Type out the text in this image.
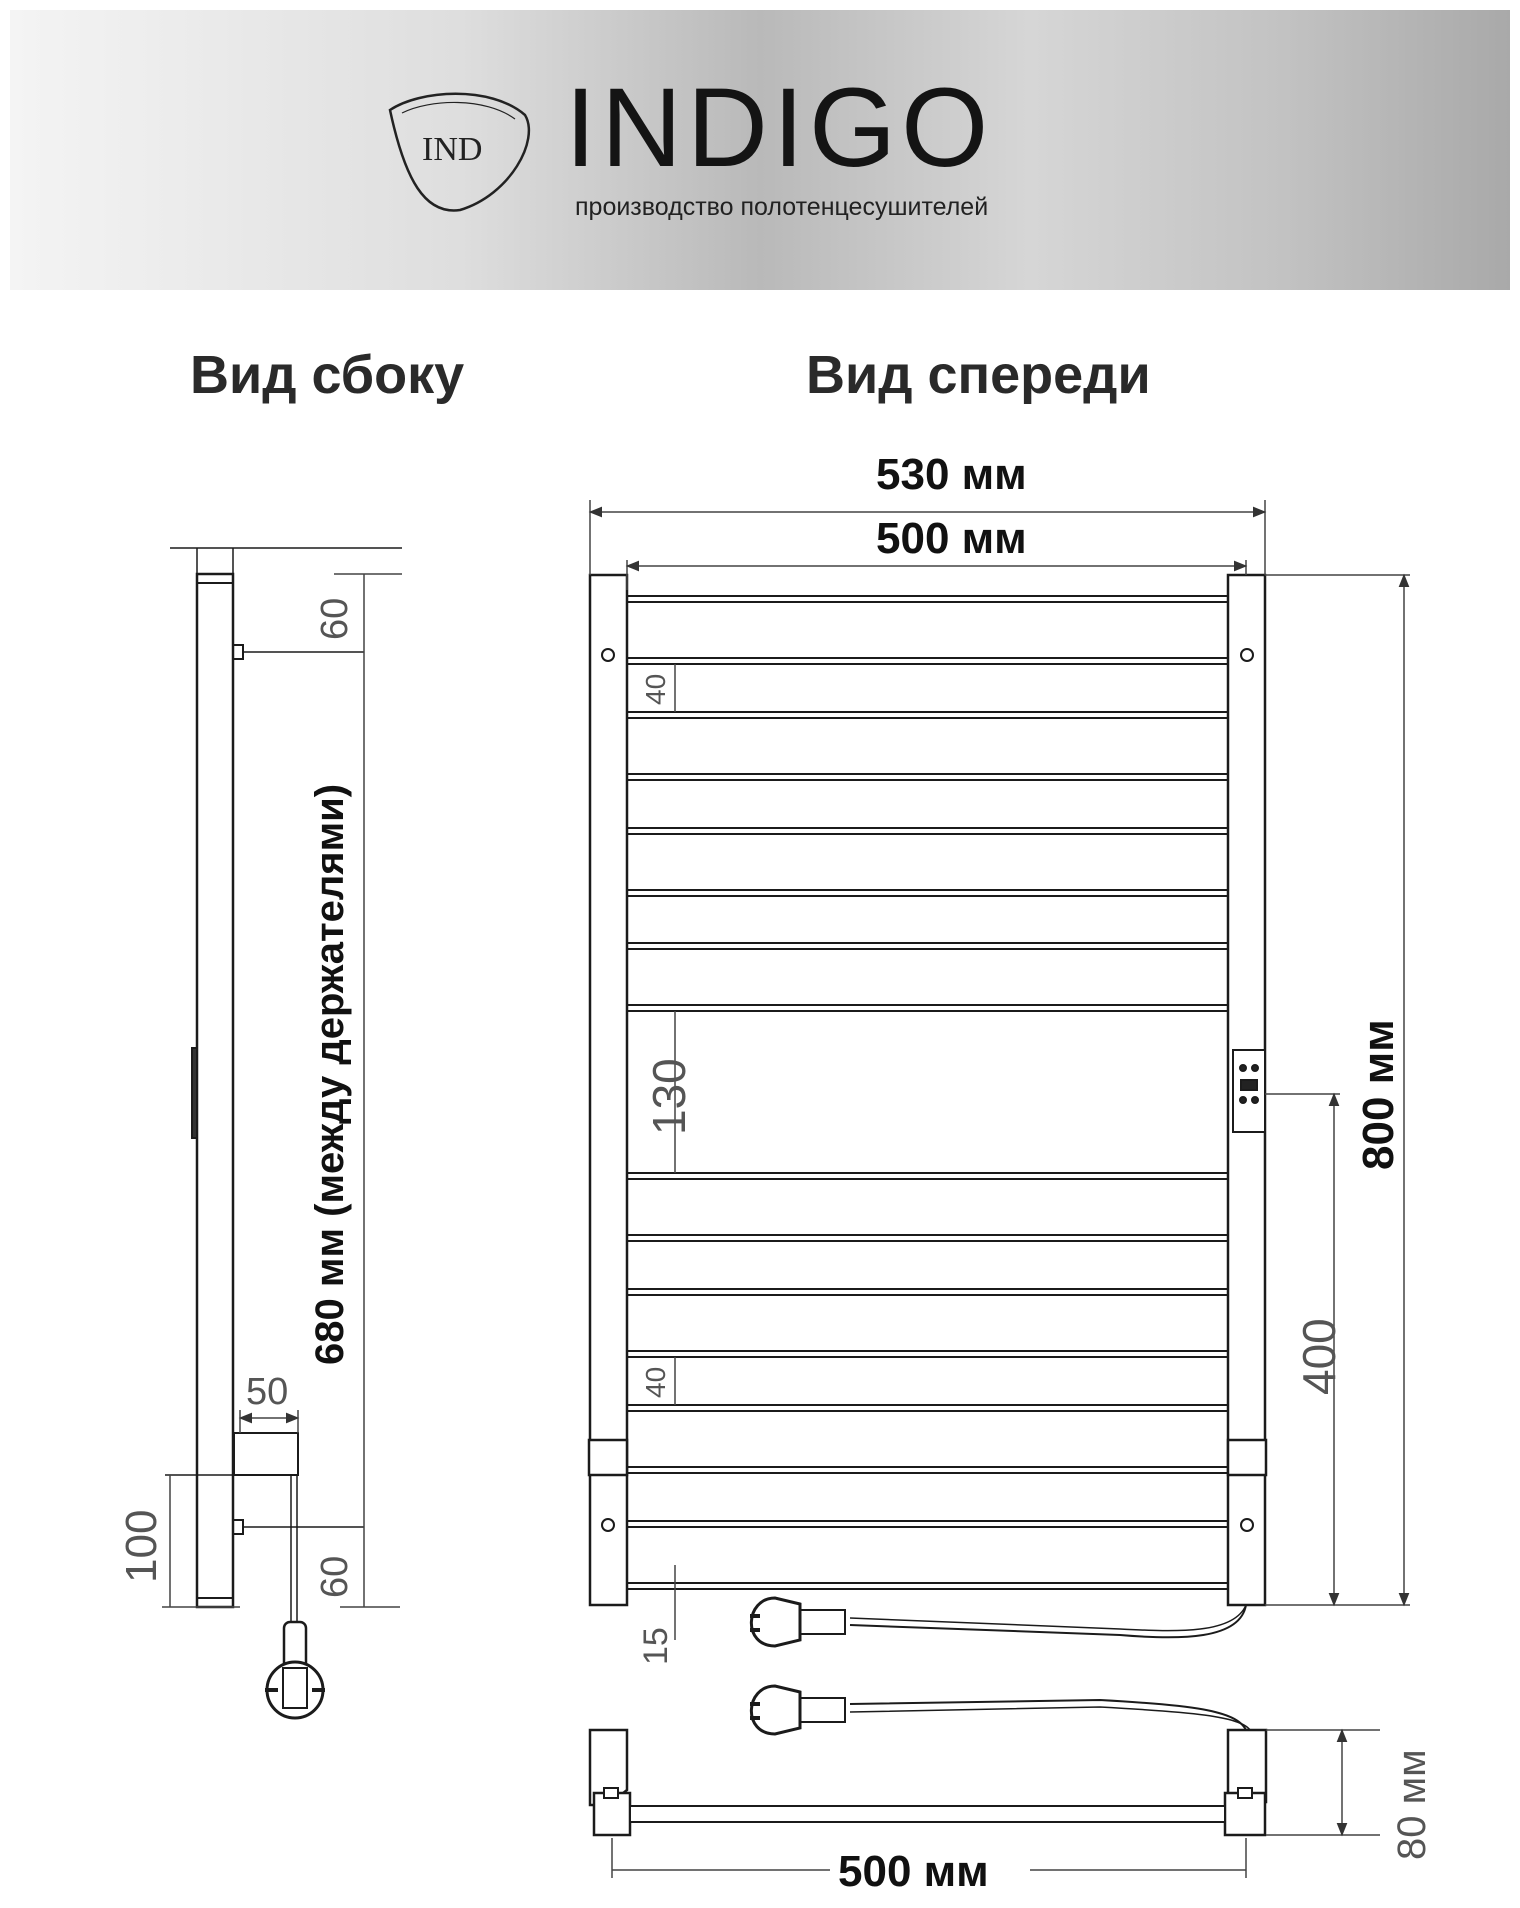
IND INDIGO
производство полотенцесушителей
Вид сбоку	Вид спереди
60
60
50
100
680 мм (между держателями)
530 мм
500 мм
800 мм
400
40
130
40
15
80 мм
500 мм
